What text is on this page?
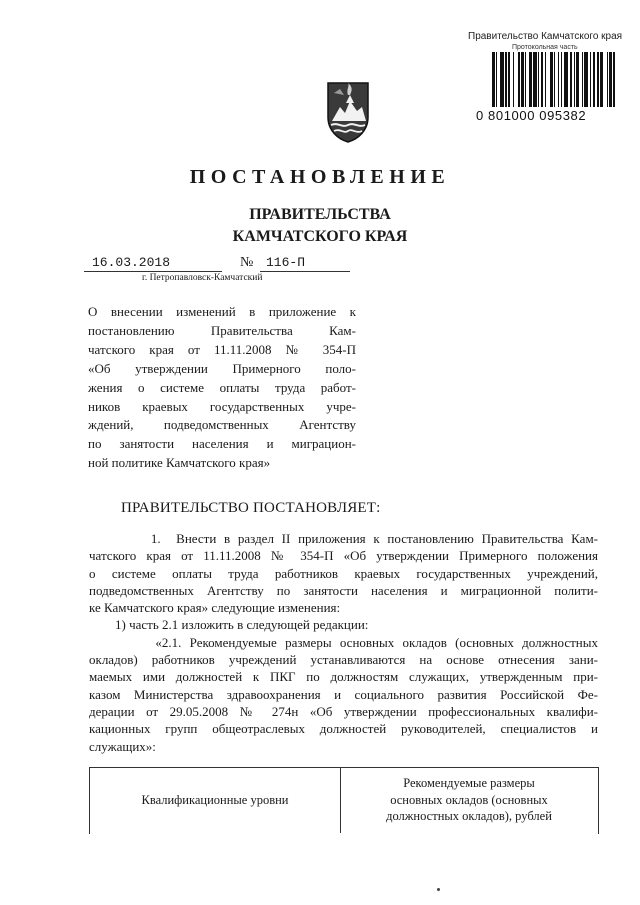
Правительство Камчатского края
Протокольная часть
0 801000 095382
ПОСТАНОВЛЕНИЕ
ПРАВИТЕЛЬСТВА
КАМЧАТСКОГО КРАЯ
16.03.2018	№ 116-П
г. Петропавловск-Камчатский
О внесении изменений в приложение к
постановлению Правительства Кам-
чатского края от 11.11.2008 № 354-П
«Об утверждении Примерного поло-
жения о системе оплаты труда работ-
ников краевых государственных учре-
ждений, подведомственных Агентству
по занятости населения и миграцион-
ной политике Камчатского края»
ПРАВИТЕЛЬСТВО ПОСТАНОВЛЯЕТ:
1.  Внести в раздел II приложения к постановлению Правительства Кам-
чатского края от 11.11.2008 № 354-П «Об утверждении Примерного положения
о системе оплаты труда работников краевых государственных учреждений,
подведомственных Агентству по занятости населения и миграционной полити-
ке Камчатского края» следующие изменения:
1) часть 2.1 изложить в следующей редакции:
«2.1. Рекомендуемые размеры основных окладов (основных должностных
окладов) работников учреждений устанавливаются на основе отнесения зани-
маемых ими должностей к ПКГ по должностям служащих, утвержденным при-
казом Министерства здравоохранения и социального развития Российской Фе-
дерации от 29.05.2008 № 274н «Об утверждении профессиональных квалифи-
кационных групп общеотраслевых должностей руководителей, специалистов и
служащих»:
Квалификационные уровни
Рекомендуемые размеры
основных окладов (основных
должностных окладов), рублей
